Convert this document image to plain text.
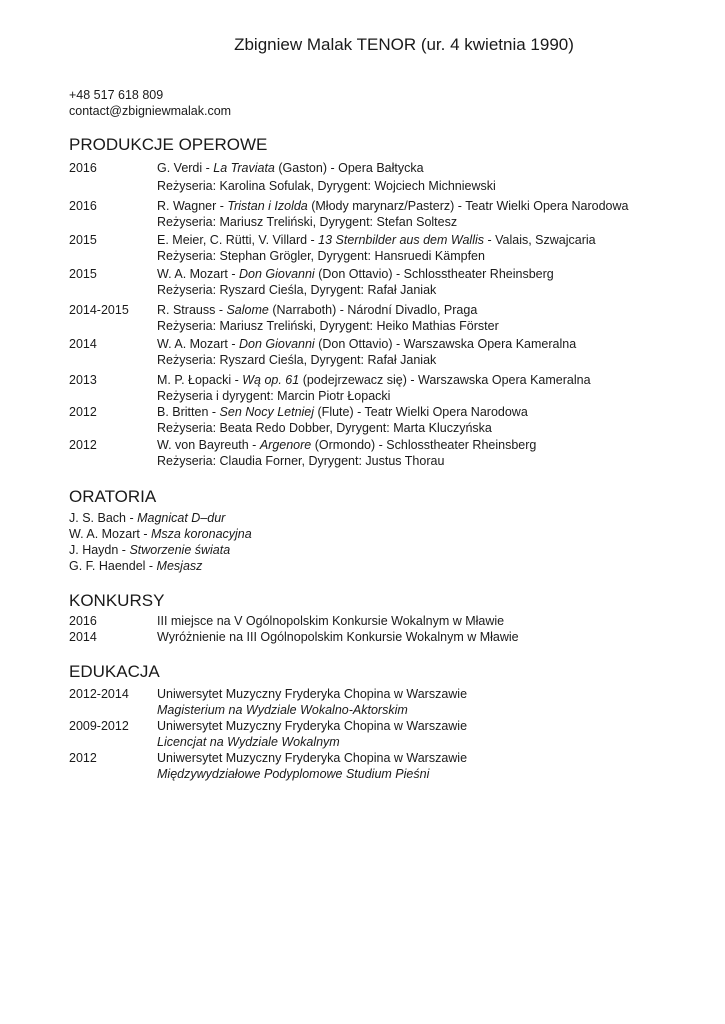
Zbigniew Malak TENOR (ur. 4 kwietnia 1990)
+48 517 618 809
contact@zbigniewmalak.com
PRODUKCJE OPEROWE
2016	G. Verdi - La Traviata (Gaston) - Opera Bałtycka
Reżyseria: Karolina Sofulak, Dyrygent: Wojciech Michniewski
2016	R. Wagner - Tristan i Izolda (Młody marynarz/Pasterz) - Teatr Wielki Opera Narodowa
Reżyseria: Mariusz Treliński, Dyrygent: Stefan Soltesz
2015	E. Meier, C. Rütti, V. Villard - 13 Sternbilder aus dem Wallis - Valais, Szwajcaria
Reżyseria: Stephan Grögler, Dyrygent: Hansruedi Kämpfen
2015	W. A. Mozart - Don Giovanni (Don Ottavio) - Schlosstheater Rheinsberg
Reżyseria: Ryszard Cieśla, Dyrygent: Rafał Janiak
2014-2015	R. Strauss - Salome (Narraboth) - Národní Divadlo, Praga
Reżyseria: Mariusz Treliński, Dyrygent: Heiko Mathias Förster
2014	W. A. Mozart - Don Giovanni (Don Ottavio) - Warszawska Opera Kameralna
Reżyseria: Ryszard Cieśla, Dyrygent: Rafał Janiak
2013	M. P. Łopacki - Wą op. 61 (podejrzewacz się) - Warszawska Opera Kameralna
Reżyseria i dyrygent: Marcin Piotr Łopacki
2012	B. Britten - Sen Nocy Letniej (Flute) - Teatr Wielki Opera Narodowa
Reżyseria: Beata Redo Dobber, Dyrygent: Marta Kluczyńska
2012	W. von Bayreuth - Argenore (Ormondo) - Schlosstheater Rheinsberg
Reżyseria: Claudia Forner, Dyrygent: Justus Thorau
ORATORIA
J. S. Bach - Magnicat D–dur
W. A. Mozart - Msza koronacyjna
J. Haydn - Stworzenie świata
G. F. Haendel - Mesjasz
KONKURSY
2016	III miejsce na V Ogólnopolskim Konkursie Wokalnym w Mławie
2014	Wyróżnienie na III Ogólnopolskim Konkursie Wokalnym w Mławie
EDUKACJA
2012-2014	Uniwersytet Muzyczny Fryderyka Chopina w Warszawie
Magisterium na Wydziale Wokalno-Aktorskim
2009-2012	Uniwersytet Muzyczny Fryderyka Chopina w Warszawie
Licencjat na Wydziale Wokalnym
2012	Uniwersytet Muzyczny Fryderyka Chopina w Warszawie
Międzywydziałowe Podyplomowe Studium Pieśni
